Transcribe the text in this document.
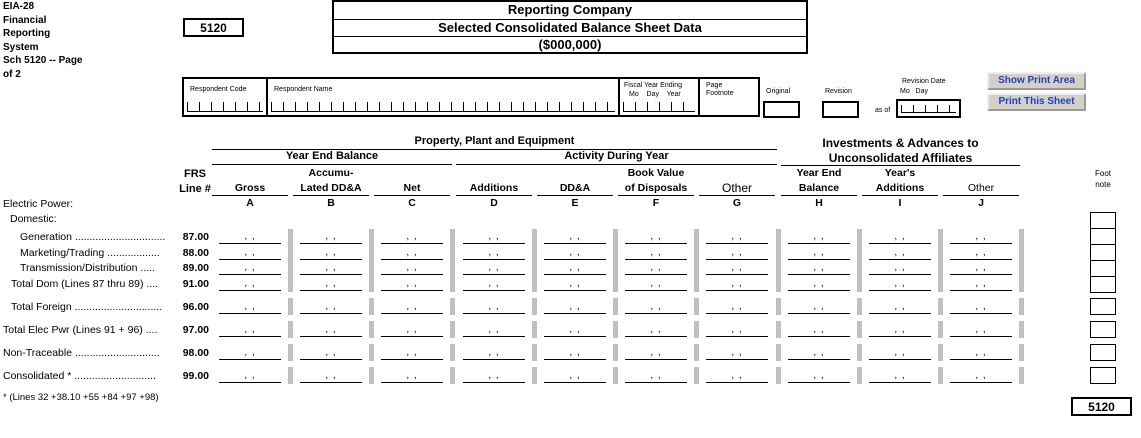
EIA-28
Financial
Reporting
System
Sch 5120 -- Page
of 2
5120
Reporting Company
Selected Consolidated Balance Sheet Data
($000,000)
Respondent Code	Respondent Name
Fiscal Year Ending
Mo    Day    Year
Page
Footnote	Original	Revision
Revision Date
Mo   Day
as of
Show Print Area
Print This Sheet
Property, Plant and Equipment
Year End Balance	Activity During Year
Investments & Advances to
Unconsolidated Affiliates
FRS
Line #
Foot
note
Gross
A
Accumu-
Lated DD&A
B
Net
C
Additions
D
DD&A
E
Book Value
of Disposals
F
Other
G
Year End
Balance
H
Year's
Additions
I
Other
J
Electric Power:
Domestic:
Generation ...............................	87.00	, ,	, ,	, ,	, ,	, ,	, ,	, ,	, ,	, ,	, ,
Marketing/Trading ..................	88.00	, ,	, ,	, ,	, ,	, ,	, ,	, ,	, ,	, ,	, ,
Transmission/Distribution .....	89.00	, ,	, ,	, ,	, ,	, ,	, ,	, ,	, ,	, ,	, ,
Total Dom (Lines 87 thru 89) ....	91.00	, ,	, ,	, ,	, ,	, ,	, ,	, ,	, ,	, ,	, ,
Total Foreign ..............................	96.00	, ,	, ,	, ,	, ,	, ,	, ,	, ,	, ,	, ,	, ,
Total Elec Pwr (Lines 91 + 96) ....	97.00	, ,	, ,	, ,	, ,	, ,	, ,	, ,	, ,	, ,	, ,
Non-Traceable .............................	98.00	, ,	, ,	, ,	, ,	, ,	, ,	, ,	, ,	, ,	, ,
Consolidated * ............................	99.00	, ,	, ,	, ,	, ,	, ,	, ,	, ,	, ,	, ,	, ,
* (Lines 32 +38.10 +55 +84 +97 +98)
5120
